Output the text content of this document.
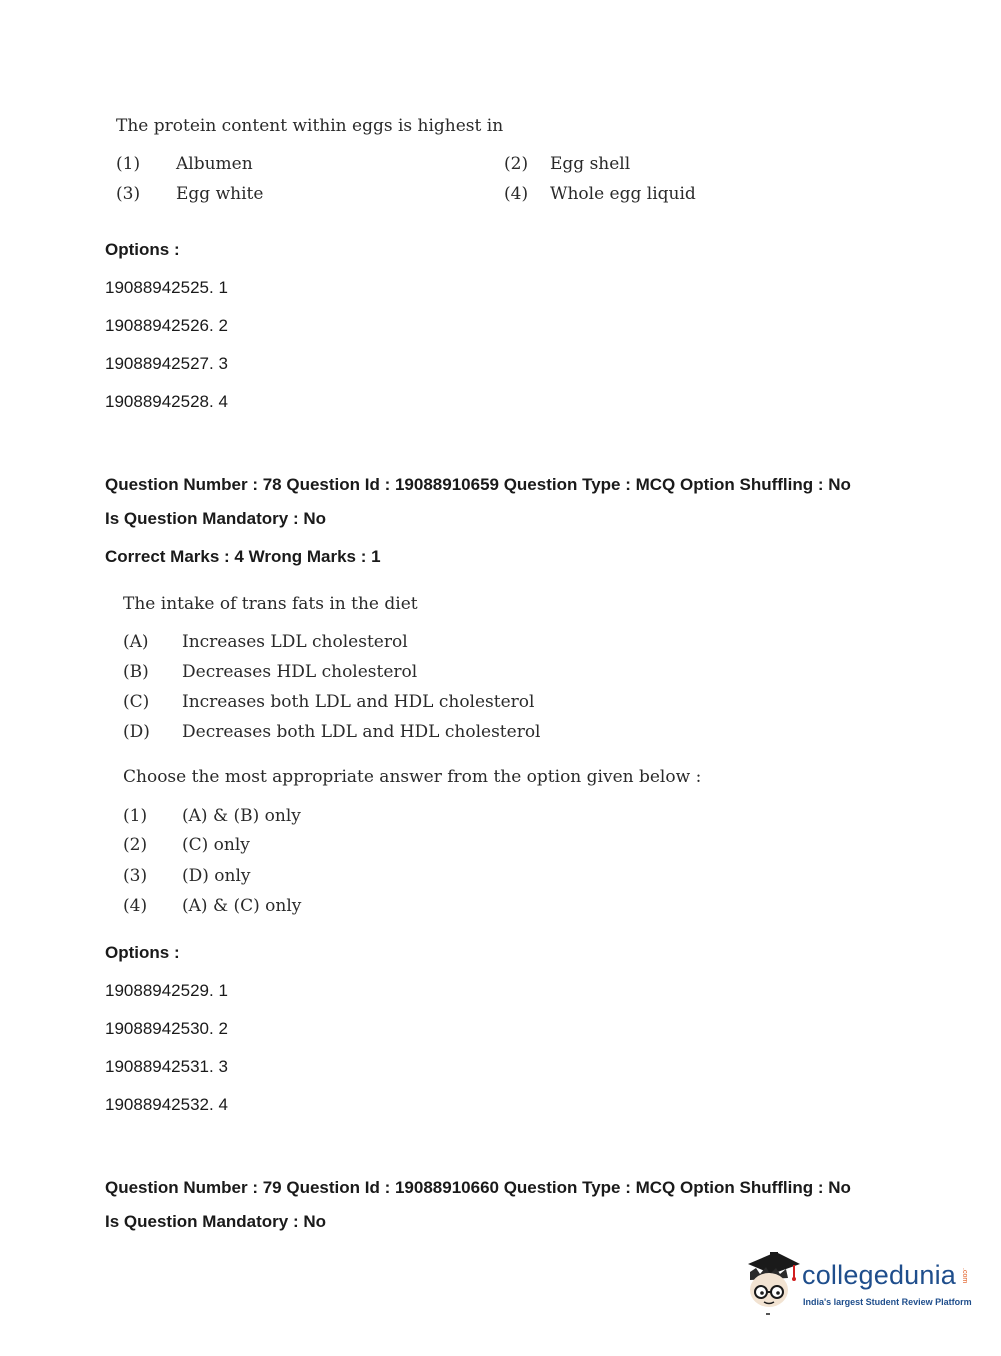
The protein content within eggs is highest in
(1) Albumen	(2) Egg shell
(3) Egg white	(4) Whole egg liquid
Options :
19088942525. 1
19088942526. 2
19088942527. 3
19088942528. 4
Question Number : 78 Question Id : 19088910659 Question Type : MCQ Option Shuffling : No
Is Question Mandatory : No
Correct Marks : 4 Wrong Marks : 1
The intake of trans fats in the diet
(A) Increases LDL cholesterol
(B) Decreases HDL cholesterol
(C) Increases both LDL and HDL cholesterol
(D) Decreases both LDL and HDL cholesterol
Choose the most appropriate answer from the option given below :
(1) (A) & (B) only
(2) (C) only
(3) (D) only
(4) (A) & (C) only
Options :
19088942529. 1
19088942530. 2
19088942531. 3
19088942532. 4
Question Number : 79 Question Id : 19088910660 Question Type : MCQ Option Shuffling : No
Is Question Mandatory : No
collegedunia .com
India's largest Student Review Platform
